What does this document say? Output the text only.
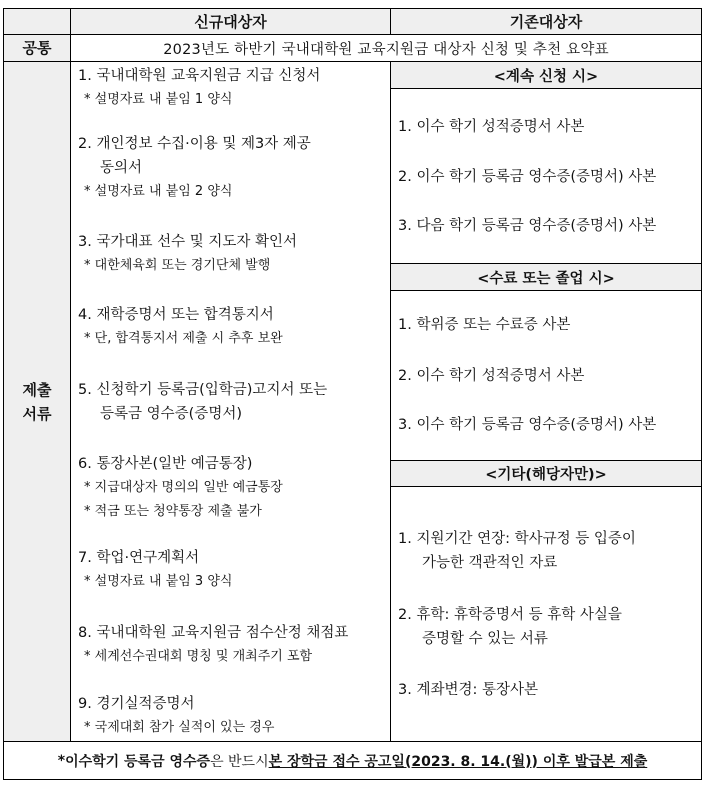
신규대상자	기존대상자
공통	2023년도 하반기 국내대학원 교육지원금 대상자 신청 및 추천 요약표
제출
서류
1. 국내대학원 교육지원금 지급 신청서
* 설명자료 내 붙임 1 양식
2. 개인정보 수집·이용 및 제3자 제공
동의서
* 설명자료 내 붙임 2 양식
3. 국가대표 선수 및 지도자 확인서
* 대한체육회 또는 경기단체 발행
4. 재학증명서 또는 합격통지서
* 단, 합격통지서 제출 시 추후 보완
5. 신청학기 등록금(입학금)고지서 또는
등록금 영수증(증명서)
6. 통장사본(일반 예금통장)
* 지급대상자 명의의 일반 예금통장
* 적금 또는 청약통장 제출 불가
7. 학업·연구계획서
* 설명자료 내 붙임 3 양식
8. 국내대학원 교육지원금 점수산정 채점표
* 세계선수권대회 명칭 및 개최주기 포함
9. 경기실적증명서
* 국제대회 참가 실적이 있는 경우
<계속 신청 시>
<수료 또는 졸업 시>
<기타(해당자만)>
1. 이수 학기 성적증명서 사본
2. 이수 학기 등록금 영수증(증명서) 사본
3. 다음 학기 등록금 영수증(증명서) 사본
1. 학위증 또는 수료증 사본
2. 이수 학기 성적증명서 사본
3. 이수 학기 등록금 영수증(증명서) 사본
1. 지원기간 연장: 학사규정 등 입증이
가능한 객관적인 자료
2. 휴학: 휴학증명서 등 휴학 사실을
증명할 수 있는 서류
3. 계좌변경: 통장사본
* 이수학기 등록금 영수증 은 반드시 본 장학금 접수 공고일(2023. 8. 14.(월)) 이후 발급본 제출
